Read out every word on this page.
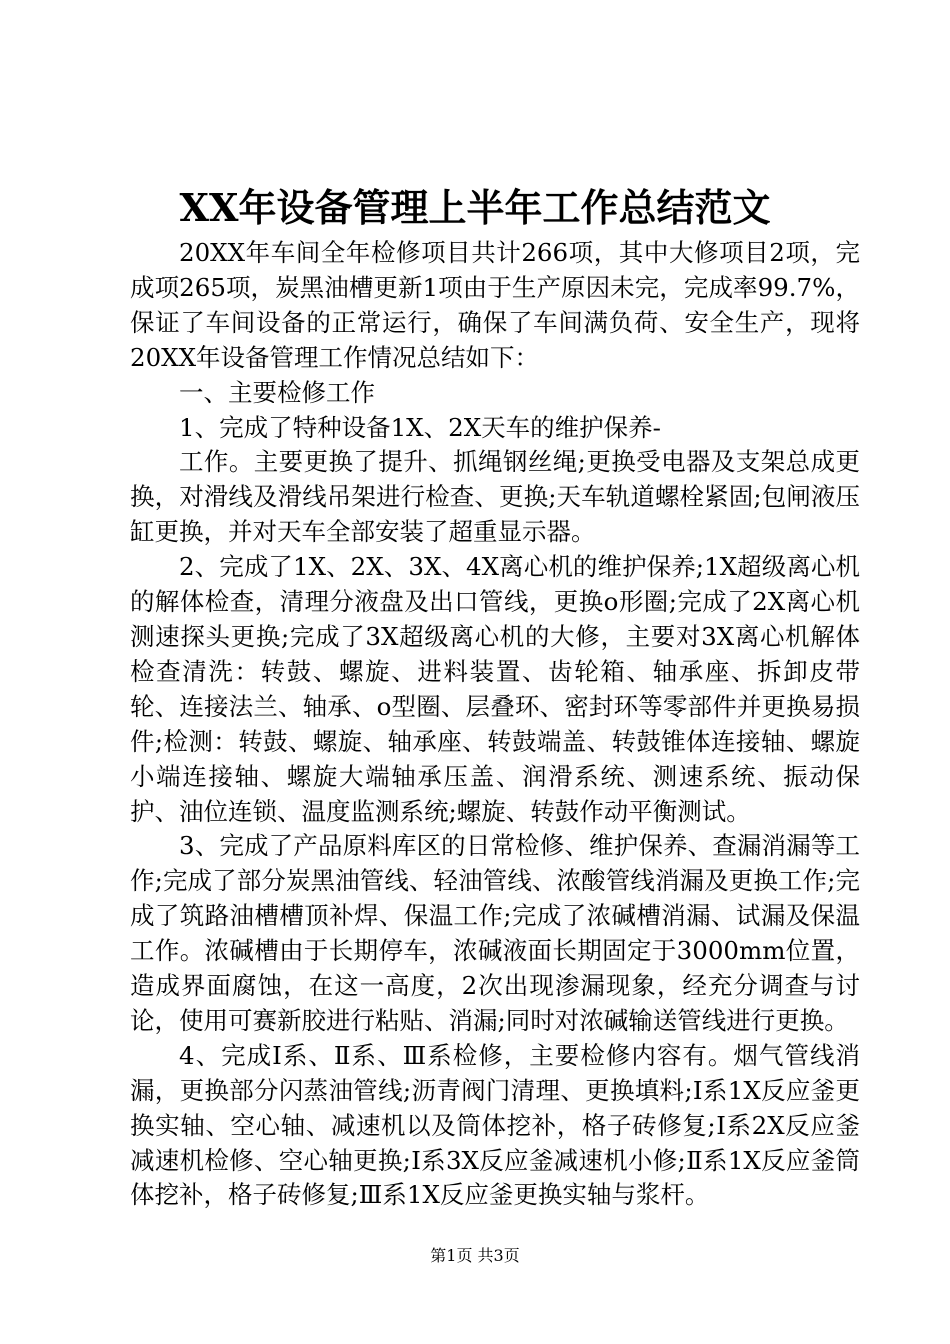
XX年设备管理上半年工作总结范文

20XX年车间全年检修项目共计266项，其中大修项目2项，完成项265项，炭黑油槽更新1项由于生产原因未完，完成率99.7%，保证了车间设备的正常运行，确保了车间满负荷、安全生产，现将20XX年设备管理工作情况总结如下：

一、主要检修工作

1、完成了特种设备1X、2X天车的维护保养-

工作。主要更换了提升、抓绳钢丝绳;更换受电器及支架总成更换，对滑线及滑线吊架进行检查、更换;天车轨道螺栓紧固;包闸液压缸更换，并对天车全部安装了超重显示器。

2、完成了1X、2X、3X、4X离心机的维护保养;1X超级离心机的解体检查，清理分液盘及出口管线，更换o形圈;完成了2X离心机测速探头更换;完成了3X超级离心机的大修，主要对3X离心机解体检查清洗：转鼓、螺旋、进料装置、齿轮箱、轴承座、拆卸皮带轮、连接法兰、轴承、o型圈、层叠环、密封环等零部件并更换易损件;检测：转鼓、螺旋、轴承座、转鼓端盖、转鼓锥体连接轴、螺旋小端连接轴、螺旋大端轴承压盖、润滑系统、测速系统、振动保护、油位连锁、温度监测系统;螺旋、转鼓作动平衡测试。

3、完成了产品原料库区的日常检修、维护保养、查漏消漏等工作;完成了部分炭黑油管线、轻油管线、浓酸管线消漏及更换工作;完成了筑路油槽槽顶补焊、保温工作;完成了浓碱槽消漏、试漏及保温工作。浓碱槽由于长期停车，浓碱液面长期固定于3000mm位置，造成界面腐蚀，在这一高度，2次出现渗漏现象，经充分调查与讨论，使用可赛新胶进行粘贴、消漏;同时对浓碱输送管线进行更换。

4、完成Ⅰ系、Ⅱ系、Ⅲ系检修，主要检修内容有。烟气管线消漏，更换部分闪蒸油管线;沥青阀门清理、更换填料;Ⅰ系1X反应釜更换实轴、空心轴、减速机以及筒体挖补，格子砖修复;Ⅰ系2X反应釜减速机检修、空心轴更换;Ⅰ系3X反应釜减速机小修;Ⅱ系1X反应釜筒体挖补，格子砖修复;Ⅲ系1X反应釜更换实轴与浆杆。

第1页 共3页
